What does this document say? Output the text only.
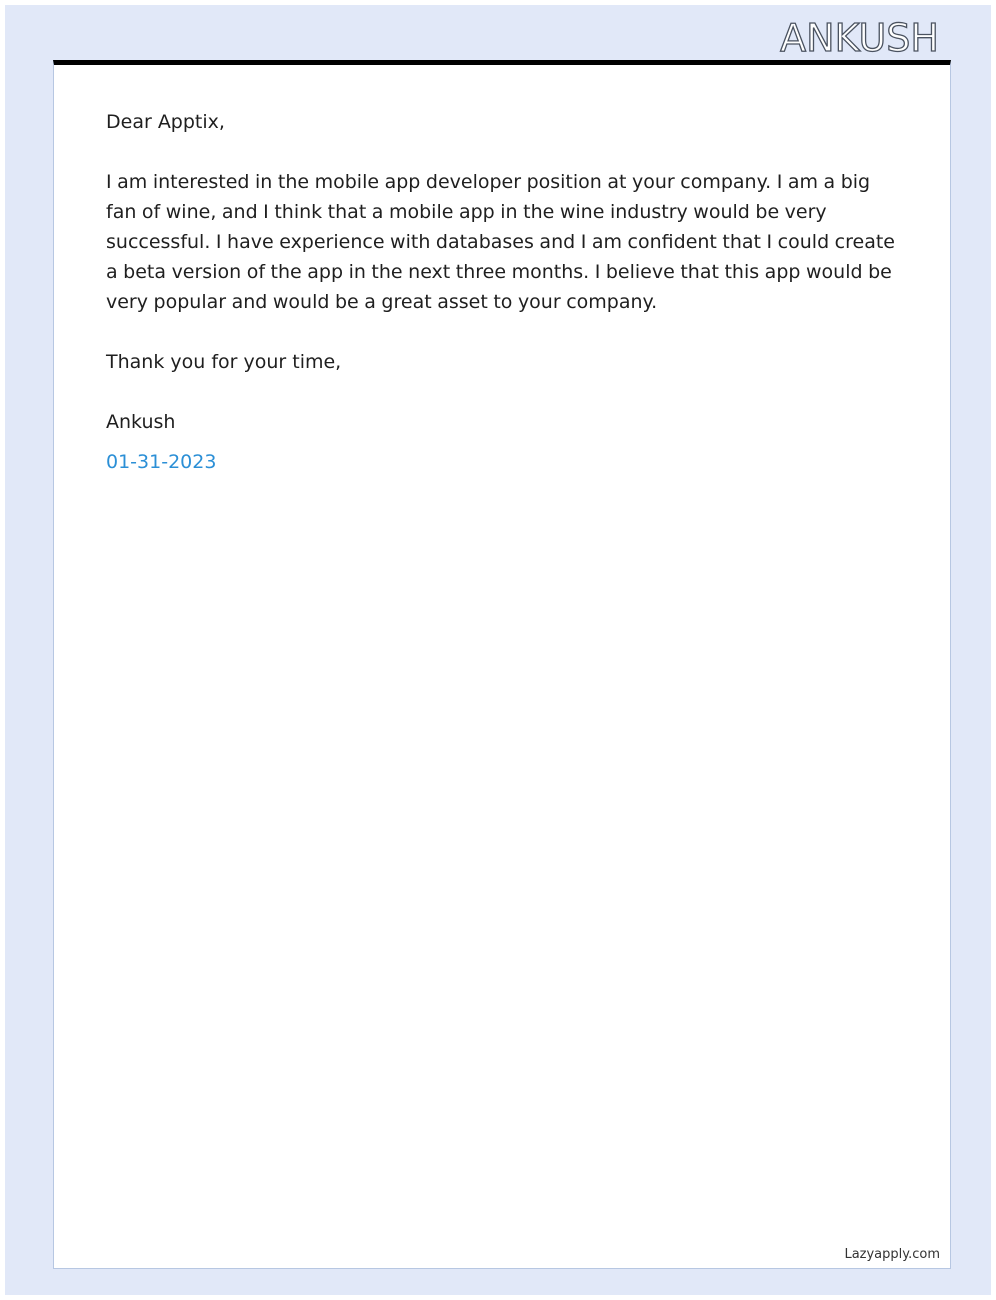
ANKUSH

Dear Apptix,

I am interested in the mobile app developer position at your company. I am a big fan of wine, and I think that a mobile app in the wine industry would be very successful. I have experience with databases and I am confident that I could create a beta version of the app in the next three months. I believe that this app would be very popular and would be a great asset to your company.

Thank you for your time,

Ankush

01-31-2023

Lazyapply.com
